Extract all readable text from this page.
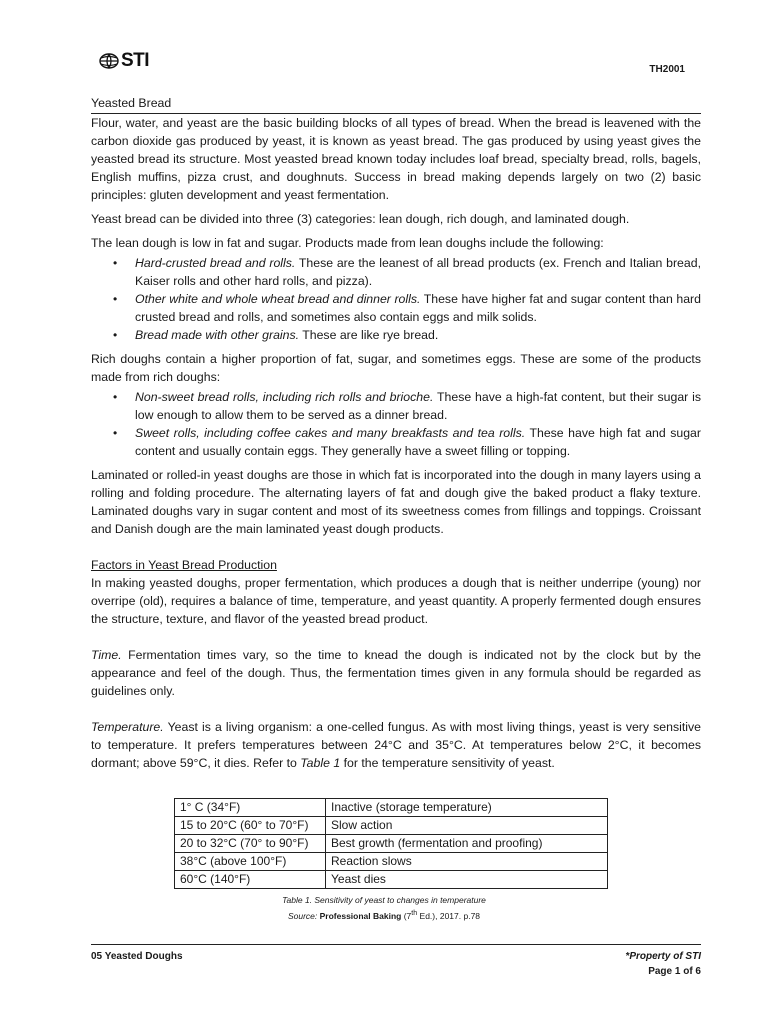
STI	TH2001

Yeasted Bread

Flour, water, and yeast are the basic building blocks of all types of bread. When the bread is leavened with the carbon dioxide gas produced by yeast, it is known as yeast bread. The gas produced by using yeast gives the yeasted bread its structure. Most yeasted bread known today includes loaf bread, specialty bread, rolls, bagels, English muffins, pizza crust, and doughnuts. Success in bread making depends largely on two (2) basic principles: gluten development and yeast fermentation.

Yeast bread can be divided into three (3) categories: lean dough, rich dough, and laminated dough.

The lean dough is low in fat and sugar. Products made from lean doughs include the following:

• Hard-crusted bread and rolls. These are the leanest of all bread products (ex. French and Italian bread, Kaiser rolls and other hard rolls, and pizza).
• Other white and whole wheat bread and dinner rolls. These have higher fat and sugar content than hard crusted bread and rolls, and sometimes also contain eggs and milk solids.
• Bread made with other grains. These are like rye bread.

Rich doughs contain a higher proportion of fat, sugar, and sometimes eggs. These are some of the products made from rich doughs:

• Non-sweet bread rolls, including rich rolls and brioche. These have a high-fat content, but their sugar is low enough to allow them to be served as a dinner bread.
• Sweet rolls, including coffee cakes and many breakfasts and tea rolls. These have high fat and sugar content and usually contain eggs. They generally have a sweet filling or topping.

Laminated or rolled-in yeast doughs are those in which fat is incorporated into the dough in many layers using a rolling and folding procedure. The alternating layers of fat and dough give the baked product a flaky texture. Laminated doughs vary in sugar content and most of its sweetness comes from fillings and toppings. Croissant and Danish dough are the main laminated yeast dough products.

Factors in Yeast Bread Production

In making yeasted doughs, proper fermentation, which produces a dough that is neither underripe (young) nor overripe (old), requires a balance of time, temperature, and yeast quantity. A properly fermented dough ensures the structure, texture, and flavor of the yeasted bread product.

Time. Fermentation times vary, so the time to knead the dough is indicated not by the clock but by the appearance and feel of the dough. Thus, the fermentation times given in any formula should be regarded as guidelines only.

Temperature. Yeast is a living organism: a one-celled fungus. As with most living things, yeast is very sensitive to temperature. It prefers temperatures between 24°C and 35°C. At temperatures below 2°C, it becomes dormant; above 59°C, it dies. Refer to Table 1 for the temperature sensitivity of yeast.

1° C (34°F)	Inactive (storage temperature)
15 to 20°C (60° to 70°F)	Slow action
20 to 32°C (70° to 90°F)	Best growth (fermentation and proofing)
38°C (above 100°F)	Reaction slows
60°C (140°F)	Yeast dies
Table 1. Sensitivity of yeast to changes in temperature
Source: Professional Baking (7th Ed.), 2017. p.78
05 Yeasted Doughs	*Property of STI
Page 1 of 6
